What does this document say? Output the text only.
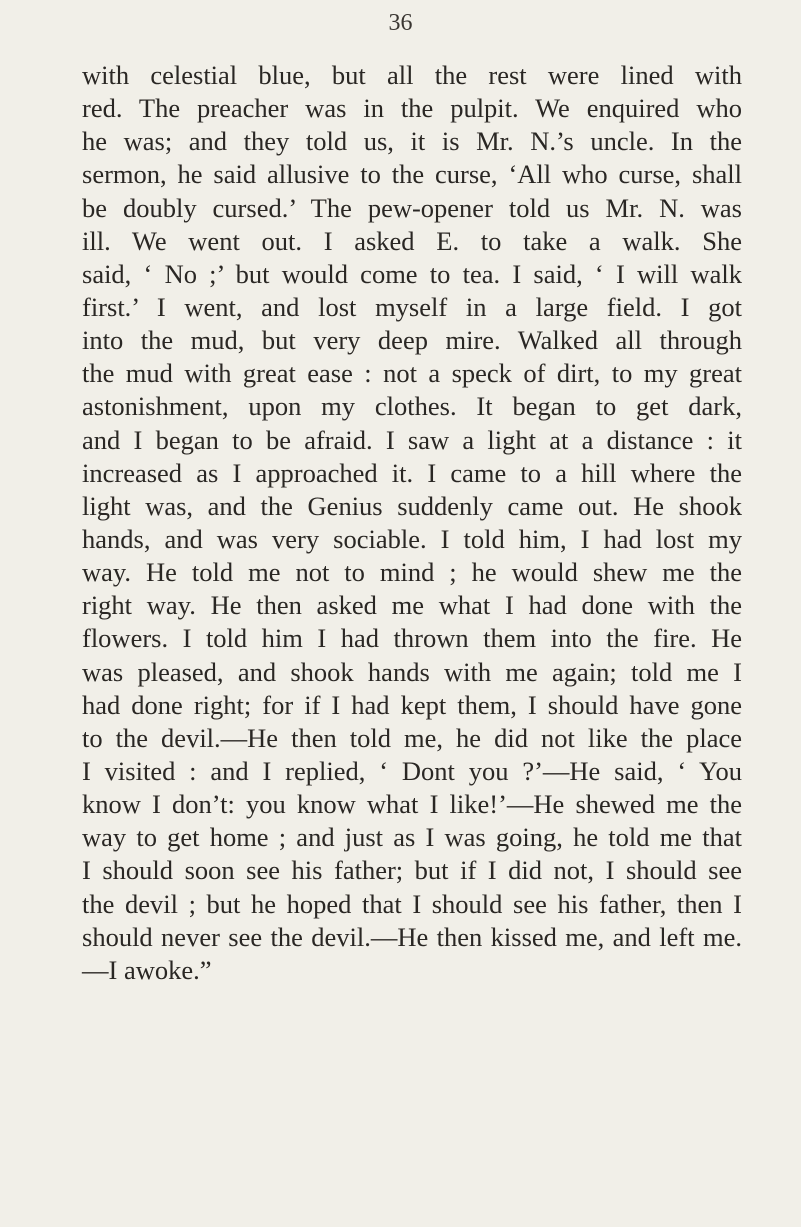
36
with celestial blue, but all the rest were lined with
red. The preacher was in the pulpit. We enquired who
he was; and they told us, it is Mr. N.’s uncle. In the
sermon, he said allusive to the curse, ‘All who curse, shall
be doubly cursed.’ The pew-opener told us Mr. N. was
ill. We went out. I asked E. to take a walk. She
said, ‘ No ;’ but would come to tea. I said, ‘ I will walk
first.’ I went, and lost myself in a large field. I got
into the mud, but very deep mire. Walked all through
the mud with great ease : not a speck of dirt, to my great
astonishment, upon my clothes. It began to get dark,
and I began to be afraid. I saw a light at a distance : it
increased as I approached it. I came to a hill where the
light was, and the Genius suddenly came out. He shook
hands, and was very sociable. I told him, I had lost my
way. He told me not to mind ; he would shew me the
right way. He then asked me what I had done with the
flowers. I told him I had thrown them into the fire. He
was pleased, and shook hands with me again; told me I
had done right; for if I had kept them, I should have gone
to the devil.—He then told me, he did not like the place
I visited : and I replied, ‘ Dont you ?’—He said, ‘ You
know I don’t: you know what I like!’—He shewed me the
way to get home ; and just as I was going, he told me that
I should soon see his father; but if I did not, I should see
the devil ; but he hoped that I should see his father, then I
should never see the devil.—He then kissed me, and left me.
—I awoke.”
